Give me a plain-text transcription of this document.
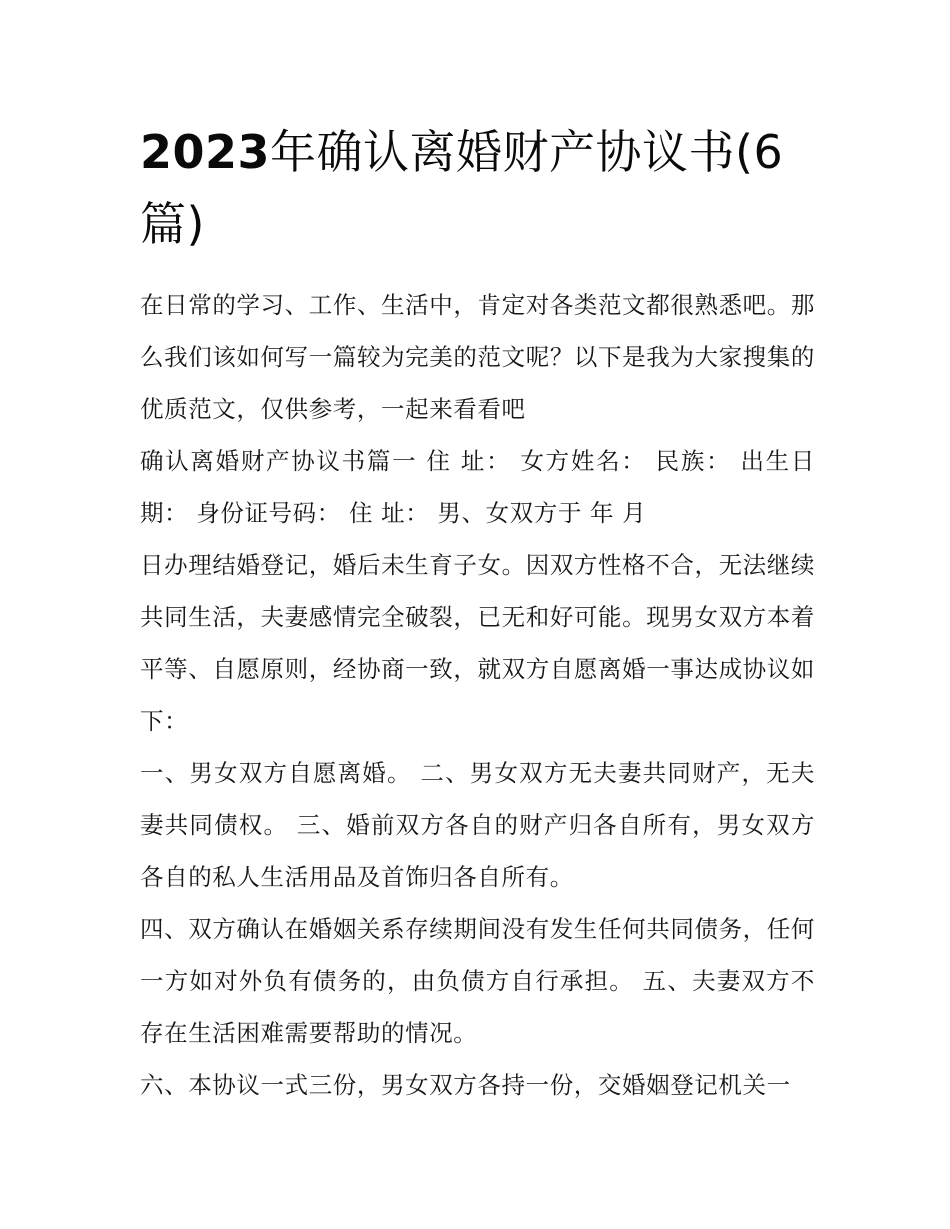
2023年确认离婚财产协议书(6篇)

在日常的学习、工作、生活中，肯定对各类范文都很熟悉吧。那么我们该如何写一篇较为完美的范文呢？以下是我为大家搜集的优质范文，仅供参考，一起来看看吧

确认离婚财产协议书篇一 住 址： 女方姓名： 民族： 出生日期： 身份证号码： 住 址： 男、女双方于 年 月

日办理结婚登记，婚后未生育子女。因双方性格不合，无法继续共同生活，夫妻感情完全破裂，已无和好可能。现男女双方本着平等、自愿原则，经协商一致，就双方自愿离婚一事达成协议如下：

一、男女双方自愿离婚。 二、男女双方无夫妻共同财产，无夫妻共同债权。 三、婚前双方各自的财产归各自所有，男女双方各自的私人生活用品及首饰归各自所有。

四、双方确认在婚姻关系存续期间没有发生任何共同债务，任何一方如对外负有债务的，由负债方自行承担。 五、夫妻双方不存在生活困难需要帮助的情况。

六、本协议一式三份，男女双方各持一份，交婚姻登记机关一
